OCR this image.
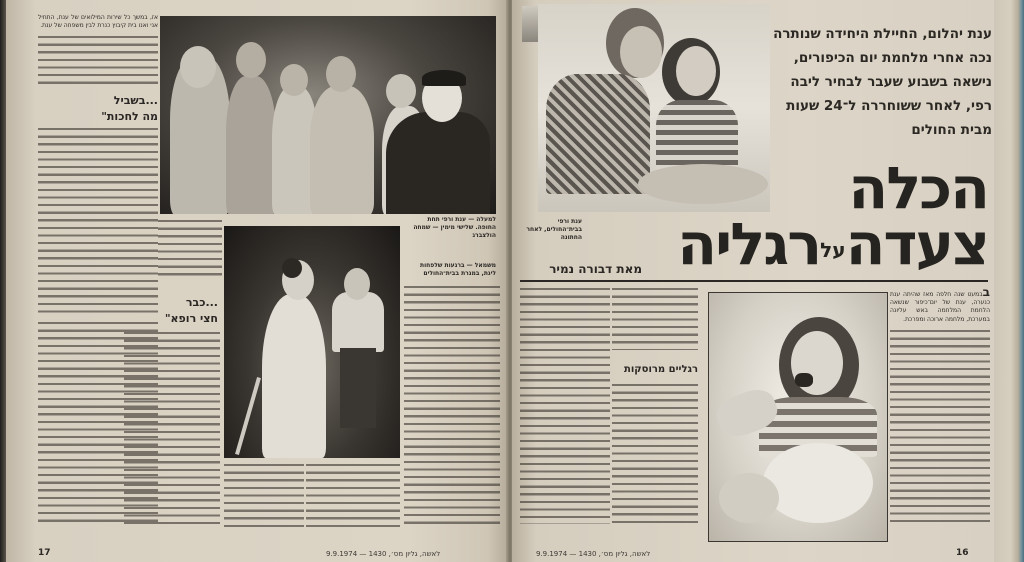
אז, במשך כל שירות המילואים של ענת, התחיל אני ואנו בית קיבוץ כנרת לבין משפחה של ענת.
...בשביל
מה לחכות"
למעלה — ענת ורפי תחת החופה. שלישי מימין — שמחה הולצברג
משמאל — ברגעות שלפחות ליגת, במגרת בבית־החולים
...כבר
חצי רופא"
9.9.1974 — 1430 ,לאשה, גליון מס׳
17
ענת יהלום, החיילת היחידה שנותרה
נכה אחרי מלחמת יום הכיפורים,
נישאה בשבוע שעבר לבחיר ליבה
רפי, לאחר ששוחררה ל־24 שעות
מבית החולים
הכלה
צעדה$^{על}$רגליה
ענת ורפי בבית־החולים, לאחר החתונה
מאת דבורה נמיר
רגליים מרוסקות
בבמעט שנה חלפה מאז שהיתה ענת כנערה, ענת של יום־כיפור שנשאה הלחמת המלחמה באש עליונה במערכת, מלחמה ארוכה ומפרכת.
9.9.1974 — 1430 ,לאשה, גליון מס׳	16
